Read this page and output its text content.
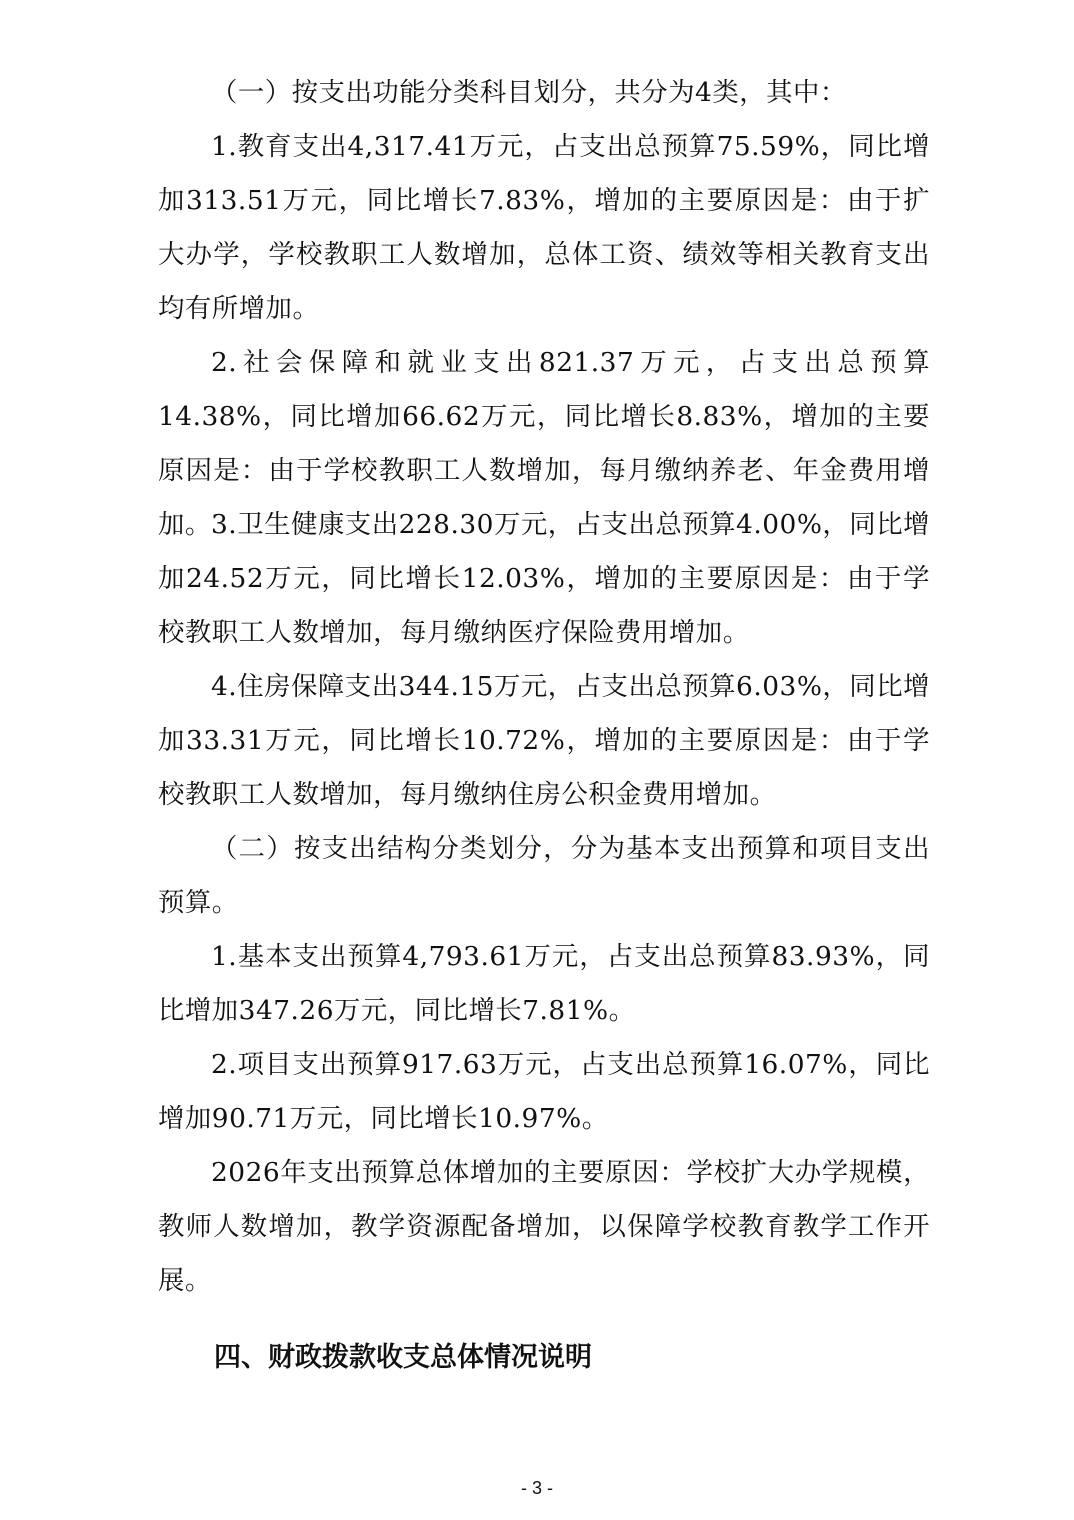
（一）按支出功能分类科目划分，共分为4类，其中：

1.教育支出4,317.41万元，占支出总预算75.59%，同比增加313.51万元，同比增长7.83%，增加的主要原因是：由于扩大办学，学校教职工人数增加，总体工资、绩效等相关教育支出均有所增加。

2.社会保障和就业支出821.37万元，占支出总预算14.38%，同比增加66.62万元，同比增长8.83%，增加的主要原因是：由于学校教职工人数增加，每月缴纳养老、年金费用增加。 3.卫生健康支出228.30万元，占支出总预算4.00%，同比增加24.52万元，同比增长12.03%，增加的主要原因是：由于学校教职工人数增加，每月缴纳医疗保险费用增加。

4.住房保障支出344.15万元，占支出总预算6.03%，同比增加33.31万元，同比增长10.72%，增加的主要原因是：由于学校教职工人数增加，每月缴纳住房公积金费用增加。

（二）按支出结构分类划分，分为基本支出预算和项目支出预算。

1.基本支出预算4,793.61万元，占支出总预算83.93%，同比增加347.26万元，同比增长7.81%。

2.项目支出预算917.63万元，占支出总预算16.07%，同比增加90.71万元，同比增长10.97%。

2026年支出预算总体增加的主要原因：学校扩大办学规模，教师人数增加，教学资源配备增加，以保障学校教育教学工作开展。

四、财政拨款收支总体情况说明
- 3 -
